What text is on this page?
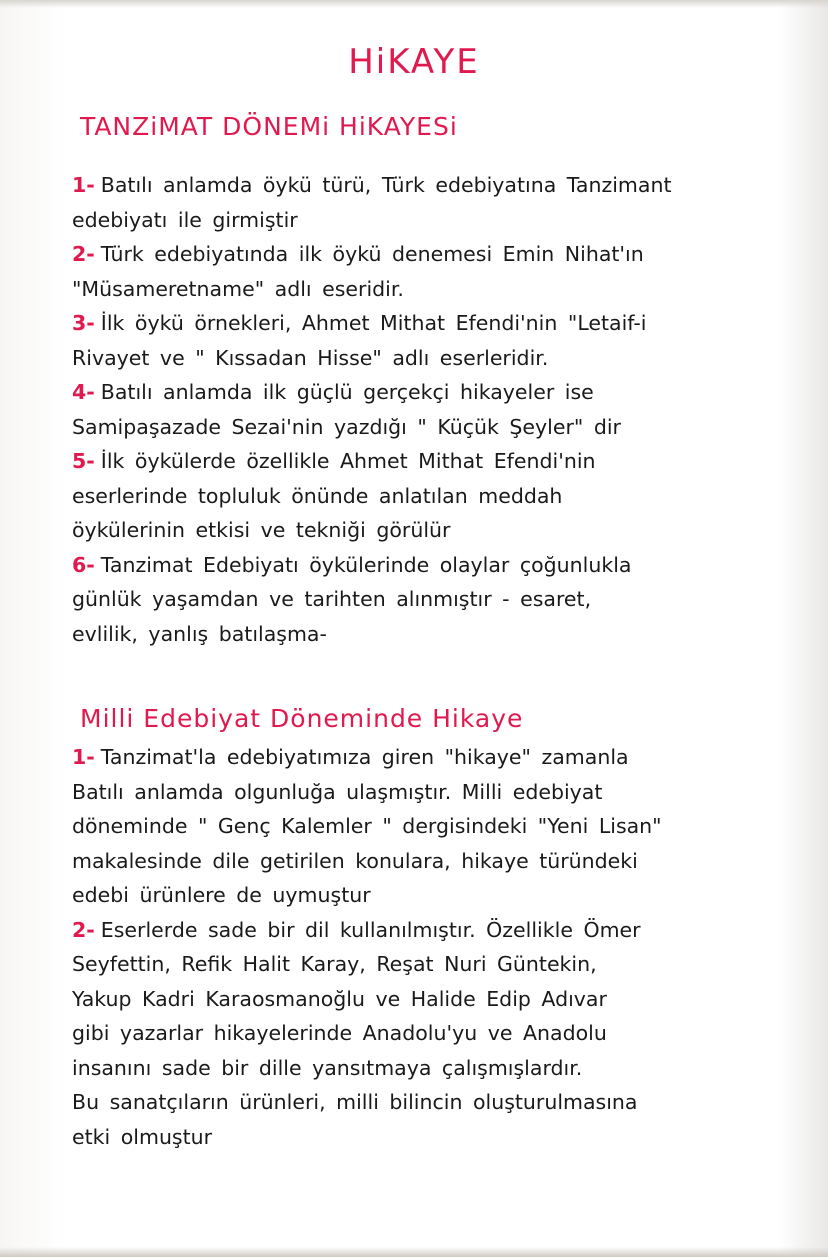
HiKAYE
TANZiMAT DÖNEMi HiKAYESi
1- Batılı anlamda öykü türü, Türk edebiyatına Tanzimant
edebiyatı ile girmiştir
2- Türk edebiyatında ilk öykü denemesi Emin Nihat'ın
"Müsameretname" adlı eseridir.
3- İlk öykü örnekleri, Ahmet Mithat Efendi'nin "Letaif-i
Rivayet ve " Kıssadan Hisse" adlı eserleridir.
4- Batılı anlamda ilk güçlü gerçekçi hikayeler ise
Samipaşazade Sezai'nin yazdığı " Küçük Şeyler" dir
5- İlk öykülerde özellikle Ahmet Mithat Efendi'nin
eserlerinde topluluk önünde anlatılan meddah
öykülerinin etkisi ve tekniği görülür
6- Tanzimat Edebiyatı öykülerinde olaylar çoğunlukla
günlük yaşamdan ve tarihten alınmıştır - esaret,
evlilik, yanlış batılaşma-
Milli Edebiyat Döneminde Hikaye
1- Tanzimat'la edebiyatımıza giren "hikaye" zamanla
Batılı anlamda olgunluğa ulaşmıştır. Milli edebiyat
döneminde " Genç Kalemler " dergisindeki "Yeni Lisan"
makalesinde dile getirilen konulara, hikaye türündeki
edebi ürünlere de uymuştur
2- Eserlerde sade bir dil kullanılmıştır. Özellikle Ömer
Seyfettin, Refik Halit Karay, Reşat Nuri Güntekin,
Yakup Kadri Karaosmanoğlu ve Halide Edip Adıvar
gibi yazarlar hikayelerinde Anadolu'yu ve Anadolu
insanını sade bir dille yansıtmaya çalışmışlardır.
Bu sanatçıların ürünleri, milli bilincin oluşturulmasına
etki olmuştur
